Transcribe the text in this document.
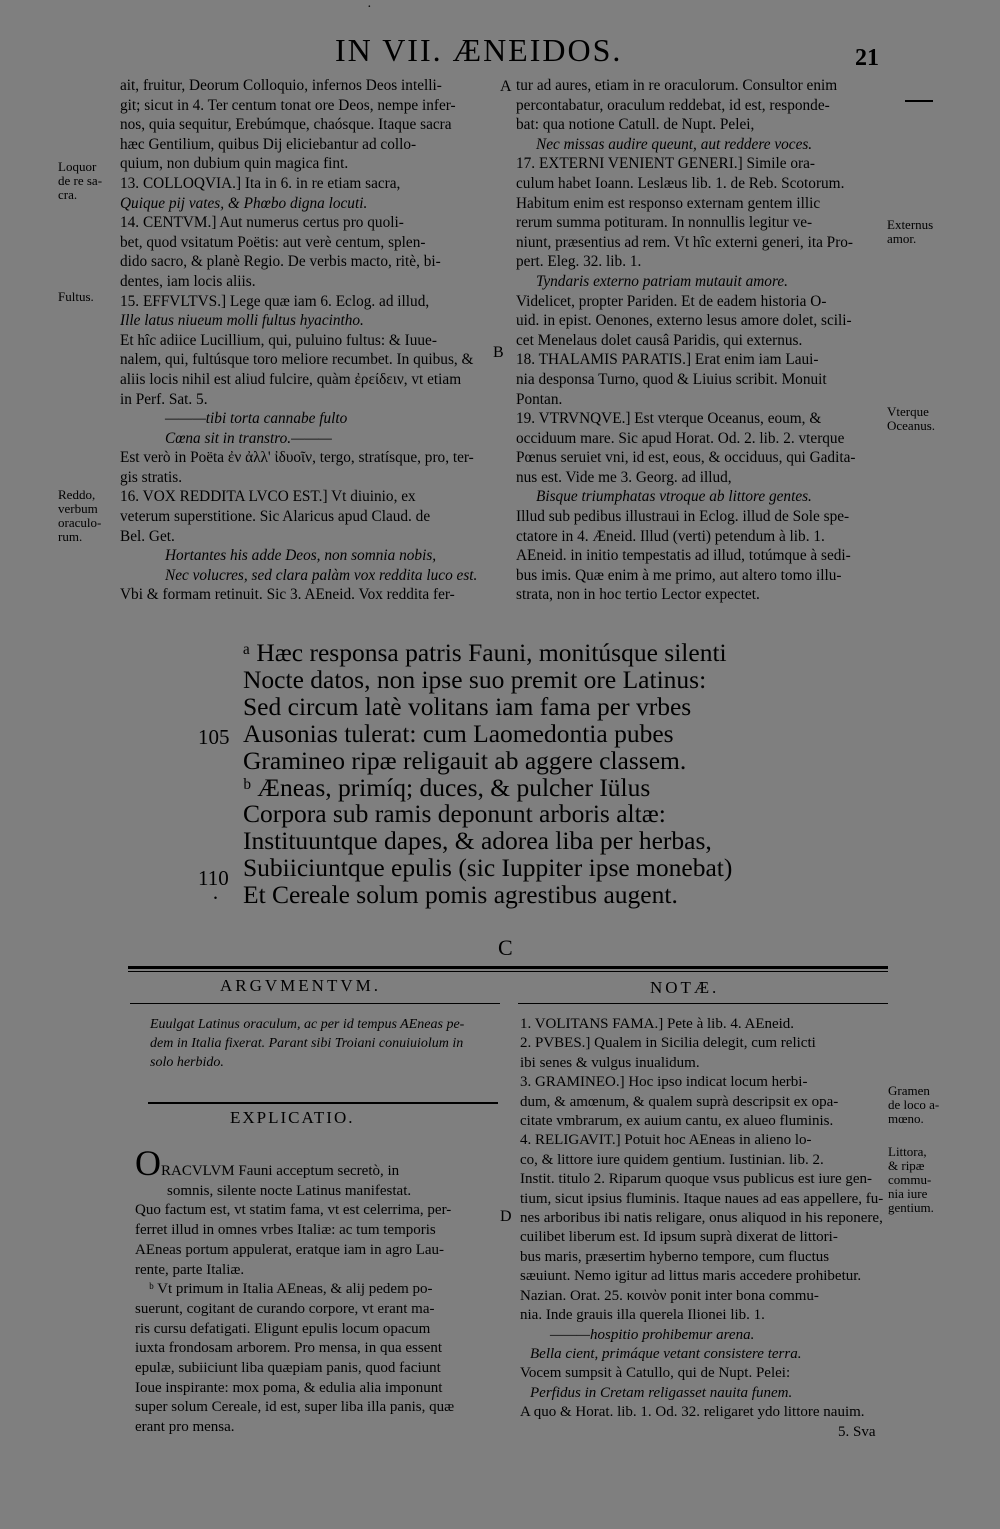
·
IN VII. ÆNEIDOS.	21

ait, fruitur, Deorum Colloquio, infernos Deos intelli-

git; sicut in 4. Ter centum tonat ore Deos, nempe infer-

nos, quia sequitur, Erebúmque, chaósque. Itaque sacra

hæc Gentilium, quibus Dij eliciebantur ad collo-

quium, non dubium quin magica fint.

13. COLLOQVIA.] Ita in 6. in re etiam sacra,

Quique pij vates, & Phœbo digna locuti.

14. CENTVM.] Aut numerus certus pro quoli-

bet, quod vsitatum Poëtis: aut verè centum, splen-

dido sacro, & planè Regio. De verbis macto, ritè, bi-

dentes, iam locis aliis.

15. EFFVLTVS.] Lege quæ iam 6. Eclog. ad illud,

Ille latus niueum molli fultus hyacintho.

Et hîc adiice Lucillium, qui, puluino fultus: & Iuue-

nalem, qui, fultúsque toro meliore recumbet. In quibus, &

aliis locis nihil est aliud fulcire, quàm ἐρείδειν, vt etiam

in Perf. Sat. 5.

———tibi torta cannabe fulto

Cœna sit in transtro.———

Est verò in Poëta ἐν ἀλλ' ἰδυοῖν, tergo, stratísque, pro, ter-

gis stratis.

16. VOX REDDITA LVCO EST.] Vt diuinio, ex

veterum superstitione. Sic Alaricus apud Claud. de

Bel. Get.

Hortantes his adde Deos, non somnia nobis,

Nec volucres, sed clara palàm vox reddita luco est.

Vbi & formam retinuit. Sic 3. AEneid. Vox reddita fer-

A
B
D

tur ad aures, etiam in re oraculorum. Consultor enim

percontabatur, oraculum reddebat, id est, responde-

bat: qua notione Catull. de Nupt. Pelei,

Nec missas audire queunt, aut reddere voces.

17. EXTERNI VENIENT GENERI.] Simile ora-

culum habet Ioann. Leslæus lib. 1. de Reb. Scotorum.

Habitum enim est responso externam gentem illic

rerum summa potituram. In nonnullis legitur ve-

niunt, præsentius ad rem. Vt hîc externi generi, ita Pro-

pert. Eleg. 32. lib. 1.

Tyndaris externo patriam mutauit amore.

Videlicet, propter Pariden. Et de eadem historia O-

uid. in epist. Oenones, externo lesus amore dolet, scili-

cet Menelaus dolet causâ Paridis, qui externus.

18. THALAMIS PARATIS.] Erat enim iam Laui-

nia desponsa Turno, quod & Liuius scribit. Monuit

Pontan.

19. VTRVNQVE.] Est vterque Oceanus, eoum, &

occiduum mare. Sic apud Horat. Od. 2. lib. 2. vterque

Pœnus seruiet vni, id est, eous, & occiduus, qui Gadita-

nus est. Vide me 3. Georg. ad illud,

Bisque triumphatas vtroque ab littore gentes.

Illud sub pedibus illustraui in Eclog. illud de Sole spe-

ctatore in 4. Æneid. Illud (verti) petendum à lib. 1.

AEneid. in initio tempestatis ad illud, totúmque à sedi-

bus imis. Quæ enim à me primo, aut altero tomo illu-

strata, non in hoc tertio Lector expectet.

Loquor
de re sa-
cra.
Fultus.
Reddo,
verbum
oraculo-
rum.
Externus
amor.
Vterque
Oceanus.

ᵃ Hæc responsa patris Fauni, monitúsque silenti

Nocte datos, non ipse suo premit ore Latinus:

Sed circum latè volitans iam fama per vrbes

Ausonias tulerat: cum Laomedontia pubes

Gramineo ripæ religauit ab aggere classem.

ᵇ Æneas, primíq; duces, & pulcher Iülus

Corpora sub ramis deponunt arboris altæ:

Instituuntque dapes, & adorea liba per herbas,

Subiiciuntque epulis (sic Iuppiter ipse monebat)

Et Cereale solum pomis agrestibus augent.

105
110
·
C
ARGVMENTVM.

Euulgat Latinus oraculum, ac per id tempus AEneas pe-

dem in Italia fixerat. Parant sibi Troiani conuiuiolum in

solo herbido.

EXPLICATIO.

ORACVLVM Fauni acceptum secretò, in

somnis, silente nocte Latinus manifestat.

Quo factum est, vt statim fama, vt est celerrima, per-

ferret illud in omnes vrbes Italiæ: ac tum temporis

AEneas portum appulerat, eratque iam in agro Lau-

rente, parte Italiæ.

ᵇ Vt primum in Italia AEneas, & alij pedem po-

suerunt, cogitant de curando corpore, vt erant ma-

ris cursu defatigati. Eligunt epulis locum opacum

iuxta frondosam arborem. Pro mensa, in qua essent

epulæ, subiiciunt liba quæpiam panis, quod faciunt

Ioue inspirante: mox poma, & edulia alia imponunt

super solum Cereale, id est, super liba illa panis, quæ

erant pro mensa.

NOTÆ.

1. VOLITANS FAMA.] Pete à lib. 4. AEneid.

2. PVBES.] Qualem in Sicilia delegit, cum relicti

ibi senes & vulgus inualidum.

3. GRAMINEO.] Hoc ipso indicat locum herbi-

dum, & amœnum, & qualem suprà descripsit ex opa-

citate vmbrarum, ex auium cantu, ex alueo fluminis.

4. RELIGAVIT.] Potuit hoc AEneas in alieno lo-

co, & littore iure quidem gentium. Iustinian. lib. 2.

Instit. titulo 2. Riparum quoque vsus publicus est iure gen-

tium, sicut ipsius fluminis. Itaque naues ad eas appellere, fu-

nes arboribus ibi natis religare, onus aliquod in his reponere,

cuilibet liberum est. Id ipsum suprà dixerat de littori-

bus maris, præsertim hyberno tempore, cum fluctus

sæuiunt. Nemo igitur ad littus maris accedere prohibetur.

Nazian. Orat. 25. κοινὸν ponit inter bona commu-

nia. Inde grauis illa querela Ilionei lib. 1.

———hospitio prohibemur arena.

Bella cient, primáque vetant consistere terra.

Vocem sumpsit à Catullo, qui de Nupt. Pelei:

Perfidus in Cretam religasset nauita funem.

A quo & Horat. lib. 1. Od. 32. religaret ydo littore nauim.

5. Sva

Gramen
de loco a-
mœno.
Littora,
& ripæ
commu-
nia iure
gentium.
